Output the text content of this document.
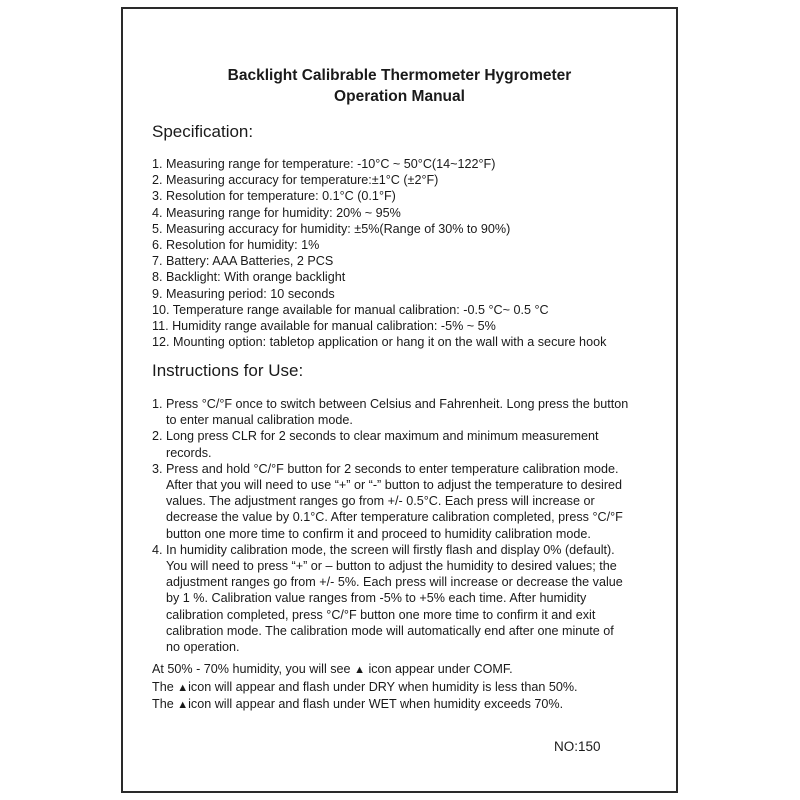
Backlight Calibrable Thermometer Hygrometer
Operation Manual
Specification:
1. Measuring range for temperature: -10°C ~ 50°C(14~122°F)
2. Measuring accuracy for temperature:±1°C (±2°F)
3. Resolution for temperature: 0.1°C (0.1°F)
4. Measuring range for humidity: 20% ~ 95%
5. Measuring accuracy for humidity: ±5%(Range of 30% to 90%)
6. Resolution for humidity: 1%
7. Battery: AAA Batteries, 2 PCS
8. Backlight: With orange backlight
9. Measuring period: 10 seconds
10. Temperature range available for manual calibration: -0.5 °C~ 0.5 °C
11. Humidity range available for manual calibration: -5% ~ 5%
12. Mounting option: tabletop application or hang it on the wall with a secure hook
Instructions for Use:
1. Press °C/°F once to switch between Celsius and Fahrenheit. Long press the button
to enter manual calibration mode.
2. Long press CLR for 2 seconds to clear maximum and minimum measurement
records.
3. Press and hold °C/°F button for 2 seconds to enter temperature calibration mode.
After that you will need to use “+” or “-” button to adjust the temperature to desired
values. The adjustment ranges go from +/- 0.5°C. Each press will increase or
decrease the value by 0.1°C. After temperature calibration completed, press °C/°F
button one more time to confirm it and proceed to humidity calibration mode.
4. In humidity calibration mode, the screen will firstly flash and display 0% (default).
You will need to press “+” or – button to adjust the humidity to desired values; the
adjustment ranges go from +/- 5%. Each press will increase or decrease the value
by 1 %. Calibration value ranges from -5% to +5% each time. After humidity
calibration completed, press °C/°F button one more time to confirm it and exit
calibration mode. The calibration mode will automatically end after one minute of
no operation.
At 50% - 70% humidity, you will see ▲ icon appear under COMF.
The ▲icon will appear and flash under DRY when humidity is less than 50%.
The ▲icon will appear and flash under WET when humidity exceeds 70%.
NO:150
